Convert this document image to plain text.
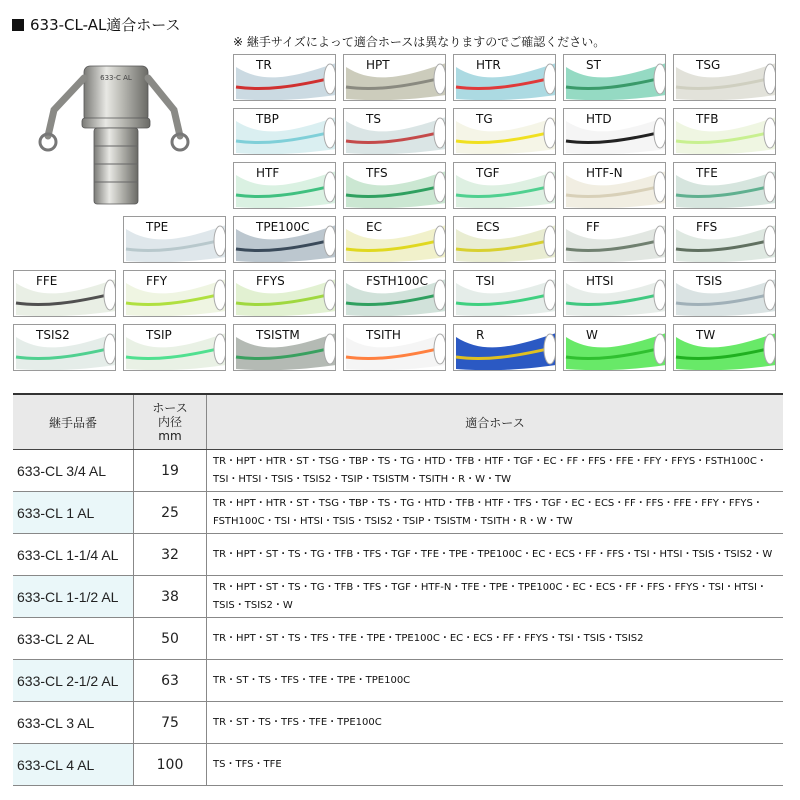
633-CL-AL適合ホース
※ 継手サイズによって適合ホースは異なりますのでご確認ください。
633-C AL
TR	HPT	HTR	ST	TSG
TBP	TS	TG	HTD	TFB
HTF	TFS	TGF	HTF-N	TFE
TPE	TPE100C	EC	ECS	FF	FFS
FFE	FFY	FFYS	FSTH100C	TSI	HTSI	TSIS
TSIS2	TSIP	TSISTM	TSITH	R	W	TW
継手品番	ホース
内径
mm	適合ホース
633-CL 3/4 AL	19	TR・HPT・HTR・ST・TSG・TBP・TS・TG・HTD・TFB・HTF・TGF・EC・FF・FFS・FFE・FFY・FFYS・FSTH100C・TSI・HTSI・TSIS・TSIS2・TSIP・TSISTM・TSITH・R・W・TW
633-CL 1 AL	25	TR・HPT・HTR・ST・TSG・TBP・TS・TG・HTD・TFB・HTF・TFS・TGF・EC・ECS・FF・FFS・FFE・FFY・FFYS・FSTH100C・TSI・HTSI・TSIS・TSIS2・TSIP・TSISTM・TSITH・R・W・TW
633-CL 1-1/4 AL	32	TR・HPT・ST・TS・TG・TFB・TFS・TGF・TFE・TPE・TPE100C・EC・ECS・FF・FFS・TSI・HTSI・TSIS・TSIS2・W
633-CL 1-1/2 AL	38	TR・HPT・ST・TS・TG・TFB・TFS・TGF・HTF-N・TFE・TPE・TPE100C・EC・ECS・FF・FFS・FFYS・TSI・HTSI・TSIS・TSIS2・W
633-CL 2 AL	50	TR・HPT・ST・TS・TFS・TFE・TPE・TPE100C・EC・ECS・FF・FFYS・TSI・TSIS・TSIS2
633-CL 2-1/2 AL	63	TR・ST・TS・TFS・TFE・TPE・TPE100C
633-CL 3 AL	75	TR・ST・TS・TFS・TFE・TPE100C
633-CL 4 AL	100	TS・TFS・TFE
